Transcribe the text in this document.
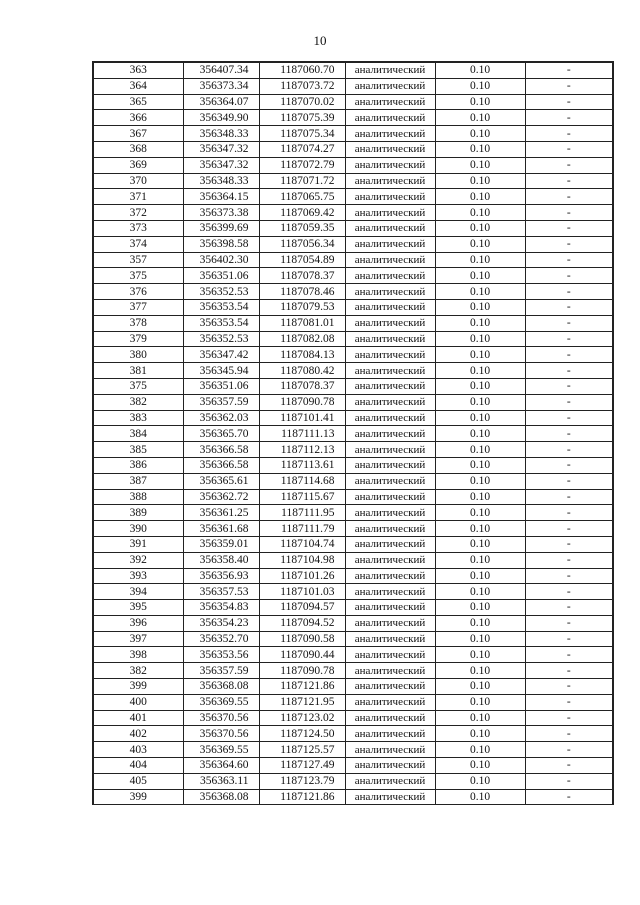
10
363	356407.34	1187060.70	аналитический	0.10	-
364	356373.34	1187073.72	аналитический	0.10	-
365	356364.07	1187070.02	аналитический	0.10	-
366	356349.90	1187075.39	аналитический	0.10	-
367	356348.33	1187075.34	аналитический	0.10	-
368	356347.32	1187074.27	аналитический	0.10	-
369	356347.32	1187072.79	аналитический	0.10	-
370	356348.33	1187071.72	аналитический	0.10	-
371	356364.15	1187065.75	аналитический	0.10	-
372	356373.38	1187069.42	аналитический	0.10	-
373	356399.69	1187059.35	аналитический	0.10	-
374	356398.58	1187056.34	аналитический	0.10	-
357	356402.30	1187054.89	аналитический	0.10	-
375	356351.06	1187078.37	аналитический	0.10	-
376	356352.53	1187078.46	аналитический	0.10	-
377	356353.54	1187079.53	аналитический	0.10	-
378	356353.54	1187081.01	аналитический	0.10	-
379	356352.53	1187082.08	аналитический	0.10	-
380	356347.42	1187084.13	аналитический	0.10	-
381	356345.94	1187080.42	аналитический	0.10	-
375	356351.06	1187078.37	аналитический	0.10	-
382	356357.59	1187090.78	аналитический	0.10	-
383	356362.03	1187101.41	аналитический	0.10	-
384	356365.70	1187111.13	аналитический	0.10	-
385	356366.58	1187112.13	аналитический	0.10	-
386	356366.58	1187113.61	аналитический	0.10	-
387	356365.61	1187114.68	аналитический	0.10	-
388	356362.72	1187115.67	аналитический	0.10	-
389	356361.25	1187111.95	аналитический	0.10	-
390	356361.68	1187111.79	аналитический	0.10	-
391	356359.01	1187104.74	аналитический	0.10	-
392	356358.40	1187104.98	аналитический	0.10	-
393	356356.93	1187101.26	аналитический	0.10	-
394	356357.53	1187101.03	аналитический	0.10	-
395	356354.83	1187094.57	аналитический	0.10	-
396	356354.23	1187094.52	аналитический	0.10	-
397	356352.70	1187090.58	аналитический	0.10	-
398	356353.56	1187090.44	аналитический	0.10	-
382	356357.59	1187090.78	аналитический	0.10	-
399	356368.08	1187121.86	аналитический	0.10	-
400	356369.55	1187121.95	аналитический	0.10	-
401	356370.56	1187123.02	аналитический	0.10	-
402	356370.56	1187124.50	аналитический	0.10	-
403	356369.55	1187125.57	аналитический	0.10	-
404	356364.60	1187127.49	аналитический	0.10	-
405	356363.11	1187123.79	аналитический	0.10	-
399	356368.08	1187121.86	аналитический	0.10	-
